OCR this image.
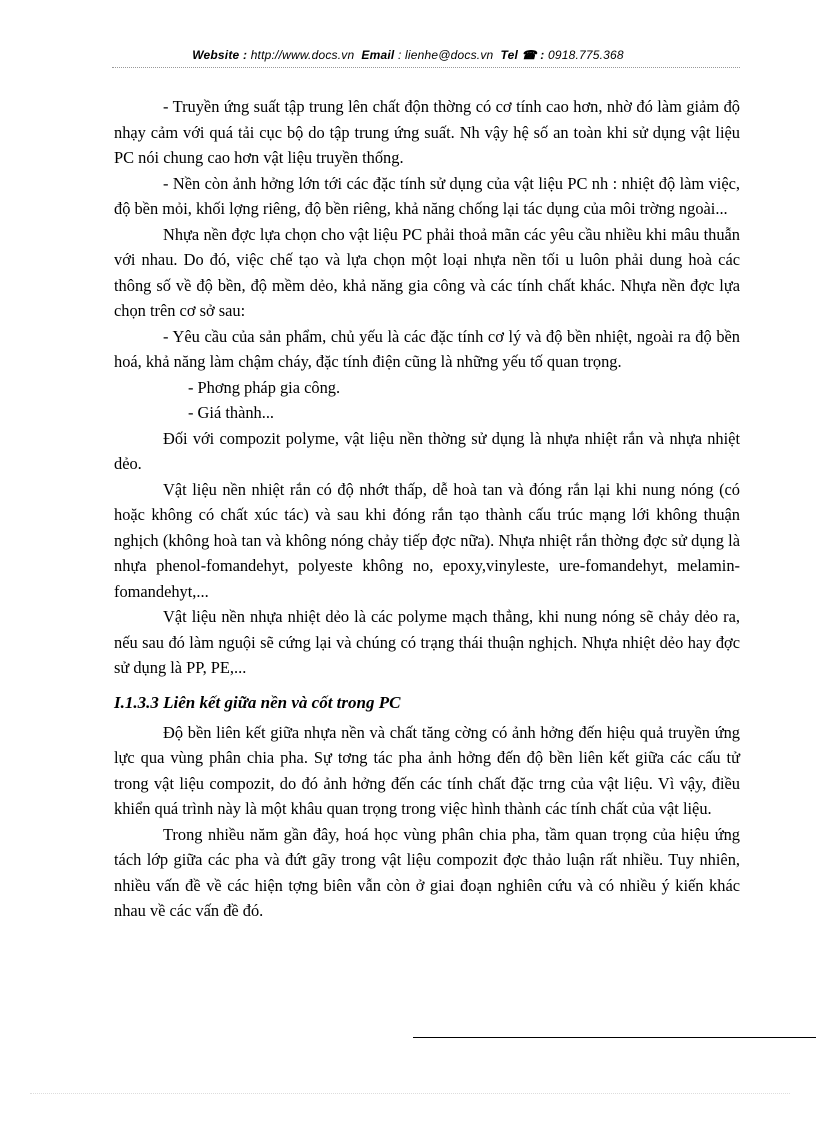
Website : http://www.docs.vn Email : lienhe@docs.vn Tel ☎ : 0918.775.368

- Truyền ứng suất tập trung lên chất độn thờng có cơ tính cao hơn, nhờ đó làm giảm độ nhạy cảm với quá tải cục bộ do tập trung ứng suất. Nh vậy hệ số an toàn khi sử dụng vật liệu PC nói chung cao hơn vật liệu truyền thống.

- Nền còn ảnh hởng lớn tới các đặc tính sử dụng của vật liệu PC nh : nhiệt độ làm việc, độ bền mỏi, khối lợng riêng, độ bền riêng, khả năng chống lại tác dụng của môi trờng ngoài...

Nhựa nền đợc lựa chọn cho vật liệu PC phải thoả mãn các yêu cầu nhiều khi mâu thuẫn với nhau. Do đó, việc chế tạo và lựa chọn một loại nhựa nền tối u luôn phải dung hoà các thông số về độ bền, độ mềm dẻo, khả năng gia công và các tính chất khác. Nhựa nền đợc lựa chọn trên cơ sở sau:

- Yêu cầu của sản phẩm, chủ yếu là các đặc tính cơ lý và độ bền nhiệt, ngoài ra độ bền hoá, khả năng làm chậm cháy, đặc tính điện cũng là những yếu tố quan trọng.

- Phơng pháp gia công.

- Giá thành...

Đối với compozit polyme, vật liệu nền thờng sử dụng là nhựa nhiệt rắn và nhựa nhiệt dẻo.

Vật liệu nền nhiệt rắn có độ nhớt thấp, dễ hoà tan và đóng rắn lại khi nung nóng (có hoặc không có chất xúc tác) và sau khi đóng rắn tạo thành cấu trúc mạng lới không thuận nghịch (không hoà tan và không nóng chảy tiếp đợc nữa). Nhựa nhiệt rắn thờng đợc sử dụng là nhựa phenol-fomandehyt, polyeste không no, epoxy,vinyleste, ure-fomandehyt, melamin-fomandehyt,...

Vật liệu nền nhựa nhiệt dẻo là các polyme mạch thẳng, khi nung nóng sẽ chảy dẻo ra, nếu sau đó làm nguội sẽ cứng lại và chúng có trạng thái thuận nghịch. Nhựa nhiệt dẻo hay đợc sử dụng là PP, PE,...

I.1.3.3 Liên kết giữa nền và cốt trong PC

Độ bền liên kết giữa nhựa nền và chất tăng cờng có ảnh hởng đến hiệu quả truyền ứng lực qua vùng phân chia pha. Sự tơng tác pha ảnh hởng đến độ bền liên kết giữa các cấu tử trong vật liệu compozit, do đó ảnh hởng đến các tính chất đặc trng của vật liệu. Vì vậy, điều khiển quá trình này là một khâu quan trọng trong việc hình thành các tính chất của vật liệu.

Trong nhiều năm gần đây, hoá học vùng phân chia pha, tầm quan trọng của hiệu ứng tách lớp giữa các pha và đứt gãy trong vật liệu compozit đợc thảo luận rất nhiều. Tuy nhiên, nhiều vấn đề về các hiện tợng biên vẫn còn ở giai đoạn nghiên cứu và có nhiều ý kiến khác nhau về các vấn đề đó.
